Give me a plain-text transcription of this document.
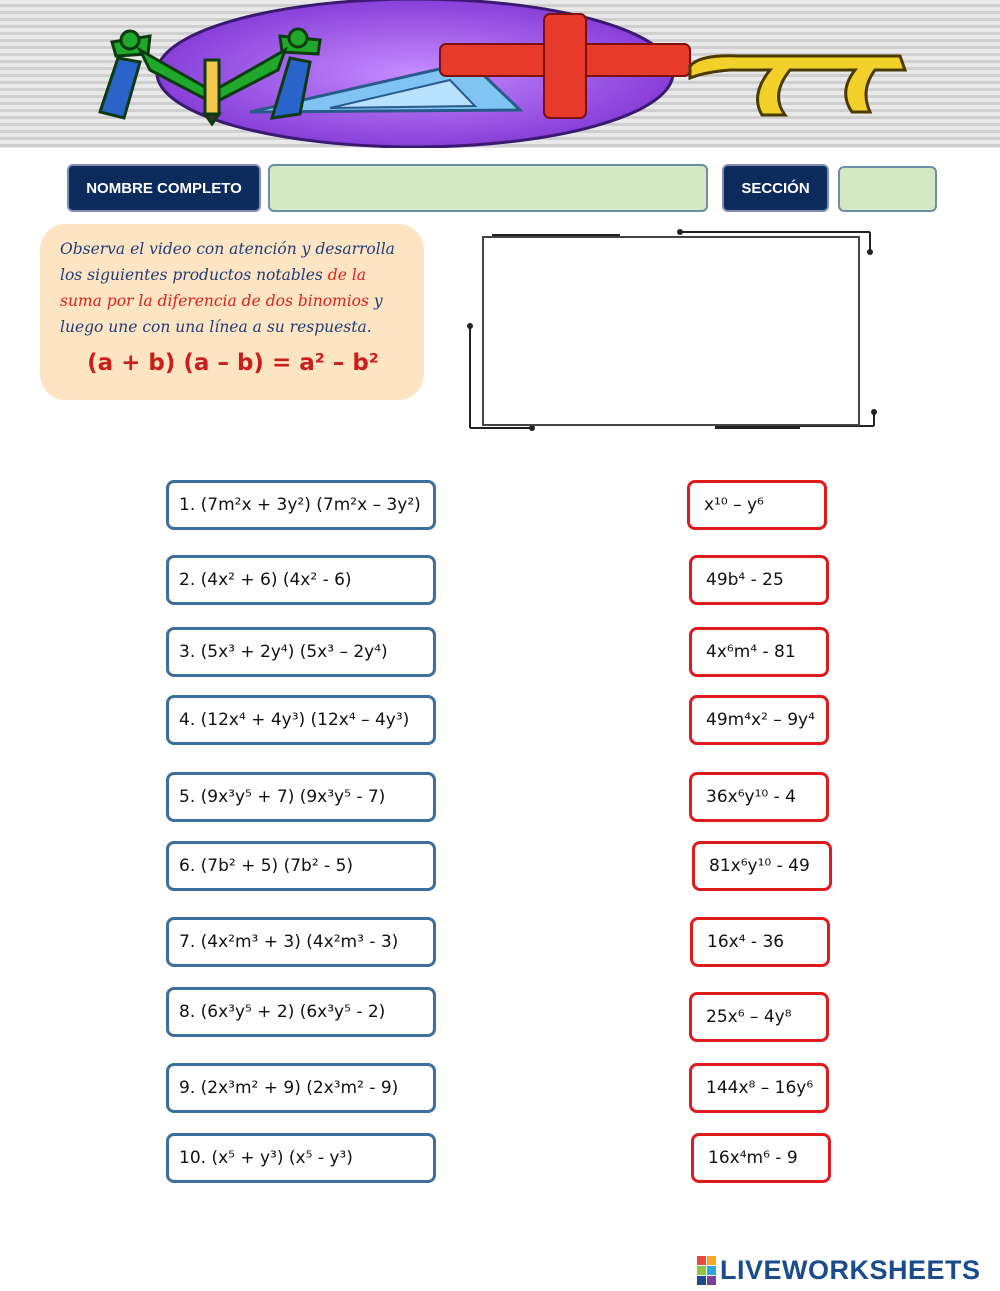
NOMBRE COMPLETO	SECCIÓN

Observa el video con atención y desarrolla los siguientes productos notables de la suma por la diferencia de dos binomios y luego une con una línea a su respuesta.

(a + b) (a – b) = a² – b²
1. (7m²x + 3y²) (7m²x – 3y²)
2. (4x² + 6) (4x² - 6)
3. (5x³ + 2y⁴) (5x³ – 2y⁴)
4. (12x⁴ + 4y³) (12x⁴ – 4y³)
5. (9x³y⁵ + 7) (9x³y⁵ - 7)
6. (7b² + 5) (7b² - 5)
7. (4x²m³ + 3) (4x²m³ - 3)
8. (6x³y⁵ + 2) (6x³y⁵ - 2)
9. (2x³m² + 9) (2x³m² - 9)
10. (x⁵ + y³) (x⁵ - y³)
x¹⁰ – y⁶
49b⁴ - 25
4x⁶m⁴ - 81
49m⁴x² – 9y⁴
36x⁶y¹⁰ - 4
81x⁶y¹⁰ - 49
16x⁴ - 36
25x⁶ – 4y⁸
144x⁸ – 16y⁶
16x⁴m⁶ - 9
LIVEWORKSHEETS
